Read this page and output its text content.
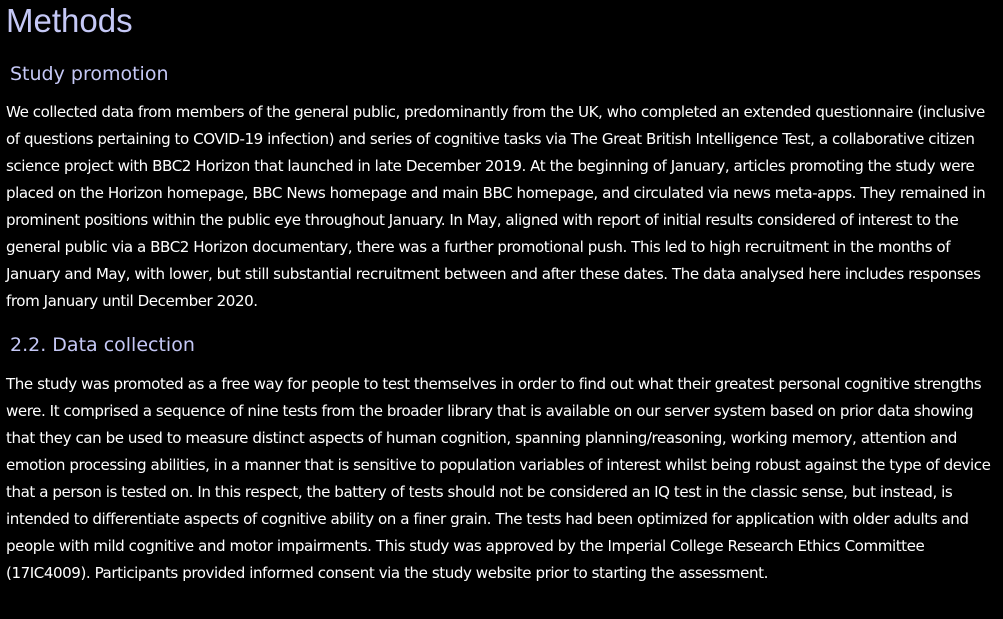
Methods
Study promotion

We collected data from members of the general public, predominantly from the UK, who completed an extended questionnaire (inclusive of questions pertaining to COVID-19 infection) and series of cognitive tasks via The Great British Intelligence Test, a collaborative citizen science project with BBC2 Horizon that launched in late December 2019. At the beginning of January, articles promoting the study were placed on the Horizon homepage, BBC News homepage and main BBC homepage, and circulated via news meta-apps. They remained in prominent positions within the public eye throughout January. In May, aligned with report of initial results considered of interest to the general public via a BBC2 Horizon documentary, there was a further promotional push. This led to high recruitment in the months of January and May, with lower, but still substantial recruitment between and after these dates. The data analysed here includes responses from January until December 2020.

2.2. Data collection

The study was promoted as a free way for people to test themselves in order to find out what their greatest personal cognitive strengths were. It comprised a sequence of nine tests from the broader library that is available on our server system based on prior data showing that they can be used to measure distinct aspects of human cognition, spanning planning/reasoning, working memory, attention and emotion processing abilities, in a manner that is sensitive to population variables of interest whilst being robust against the type of device that a person is tested on. In this respect, the battery of tests should not be considered an IQ test in the classic sense, but instead, is intended to differentiate aspects of cognitive ability on a finer grain. The tests had been optimized for application with older adults and people with mild cognitive and motor impairments. This study was approved by the Imperial College Research Ethics Committee (17IC4009). Participants provided informed consent via the study website prior to starting the assessment.
